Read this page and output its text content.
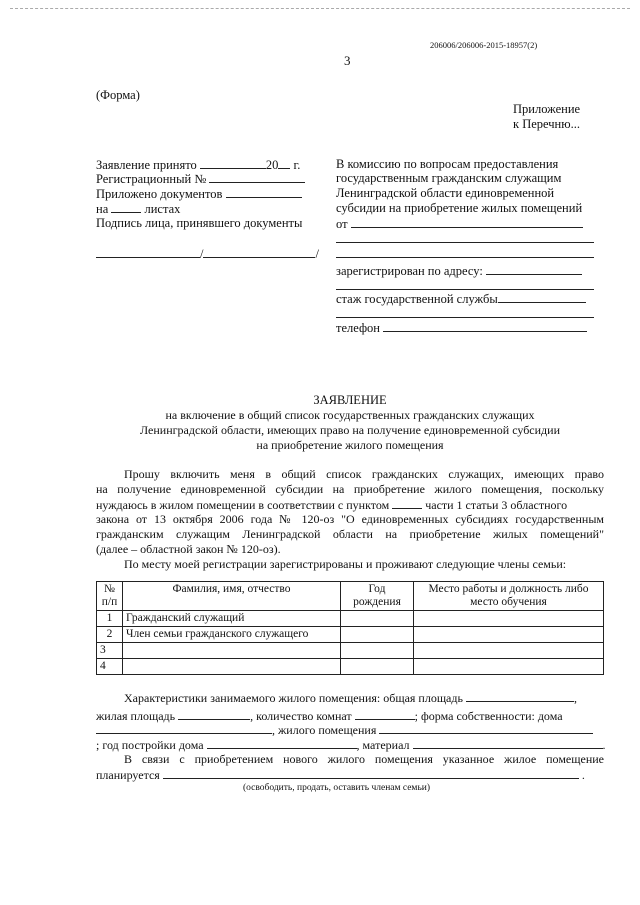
206006/206006-2015-18957(2)
3
(Форма)
Приложение
к Перечню...
Заявление принято	20 г.
Регистрационный №
Приложено документов
на	листах
Подпись лица, принявшего документы
/	/
В комиссию по вопросам предоставления
государственным гражданским служащим
Ленинградской области единовременной
субсидии на приобретение жилых помещений
от
зарегистрирован по адресу:
стаж государственной службы
телефон
ЗАЯВЛЕНИЕ
на включение в общий список государственных гражданских служащих
Ленинградской области, имеющих право на получение единовременной субсидии
на приобретение жилого помещения
Прошу включить меня в общий список гражданских служащих, имеющих право
на получение единовременной субсидии на приобретение жилого помещения, поскольку
нуждаюсь в жилом помещении в соответствии с пунктом	части 1 статьи 3 областного
закона от 13 октября 2006 года № 120-оз "О единовременных субсидиях государственным
гражданским служащим Ленинградской области на приобретение жилых помещений"
(далее – областной закон № 120-оз).
По месту моей регистрации зарегистрированы и проживают следующие члены семьи:
№ п/п	Фамилия, имя, отчество	Год рождения	Место работы и должность либо место обучения
1	Гражданский служащий		
2	Член семьи гражданского служащего		
3			
4			
Характеристики занимаемого жилого помещения: общая площадь	,
жилая площадь	, количество комнат	; форма собственности: дома
, жилого помещения
; год постройки дома	, материал	.
В связи с приобретением нового жилого помещения указанное жилое помещение
планируется	.
(освободить, продать, оставить членам семьи)
